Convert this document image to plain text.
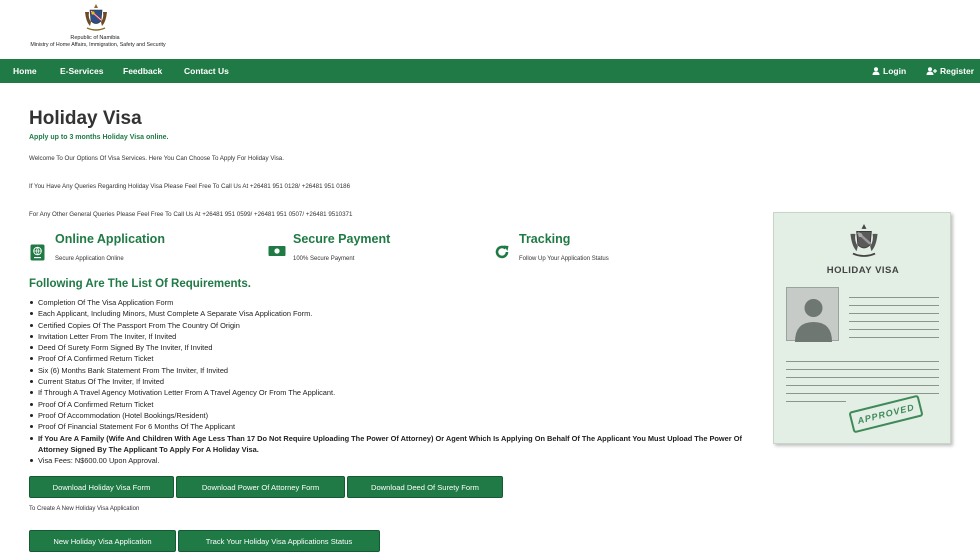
Republic of Namibia
Ministry of Home Affairs, Immigration, Safety and Security
Home	E-Services Feedback	Contact Us	Login	Register
Holiday Visa
Apply up to 3 months Holiday Visa online.
Welcome To Our Options Of Visa Services. Here You Can Choose To Apply For Holiday Visa.
If You Have Any Queries Regarding Holiday Visa Please Feel Free To Call Us At +26481 951 0128/ +26481 951 0186
For Any Other General Queries Please Feel Free To Call Us At +26481 951 0599/ +26481 951 0507/ +26481 9510371
Online Application
Secure Application Online
Secure Payment
100% Secure Payment
Tracking
Follow Up Your Application Status
Following Are The List Of Requirements.
Completion Of The Visa Application Form
Each Applicant, Including Minors, Must Complete A Separate Visa Application Form.
Certified Copies Of The Passport From The Country Of Origin
Invitation Letter From The Inviter, If Invited
Deed Of Surety Form Signed By The Inviter, If Invited
Proof Of A Confirmed Return Ticket
Six (6) Months Bank Statement From The Inviter, If Invited
Current Status Of The Inviter, If Invited
If Through A Travel Agency Motivation Letter From A Travel Agency Or From The Applicant.
Proof Of A Confirmed Return Ticket
Proof Of Accommodation (Hotel Bookings/Resident)
Proof Of Financial Statement For 6 Months Of The Applicant
If You Are A Family (Wife And Children With Age Less Than 17 Do Not Require Uploading The Power Of Attorney) Or Agent Which Is Applying On Behalf Of The Applicant You Must Upload The Power Of Attorney Signed By The Applicant To Apply For A Holiday Visa.
Visa Fees: N$600.00 Upon Approval.
Download Holiday Visa Form	Download Power Of Attorney Form	Download Deed Of Surety Form
To Create A New Holiday Visa Application
New Holiday Visa Application	Track Your Holiday Visa Applications Status
HOLIDAY VISA
APPROVED
